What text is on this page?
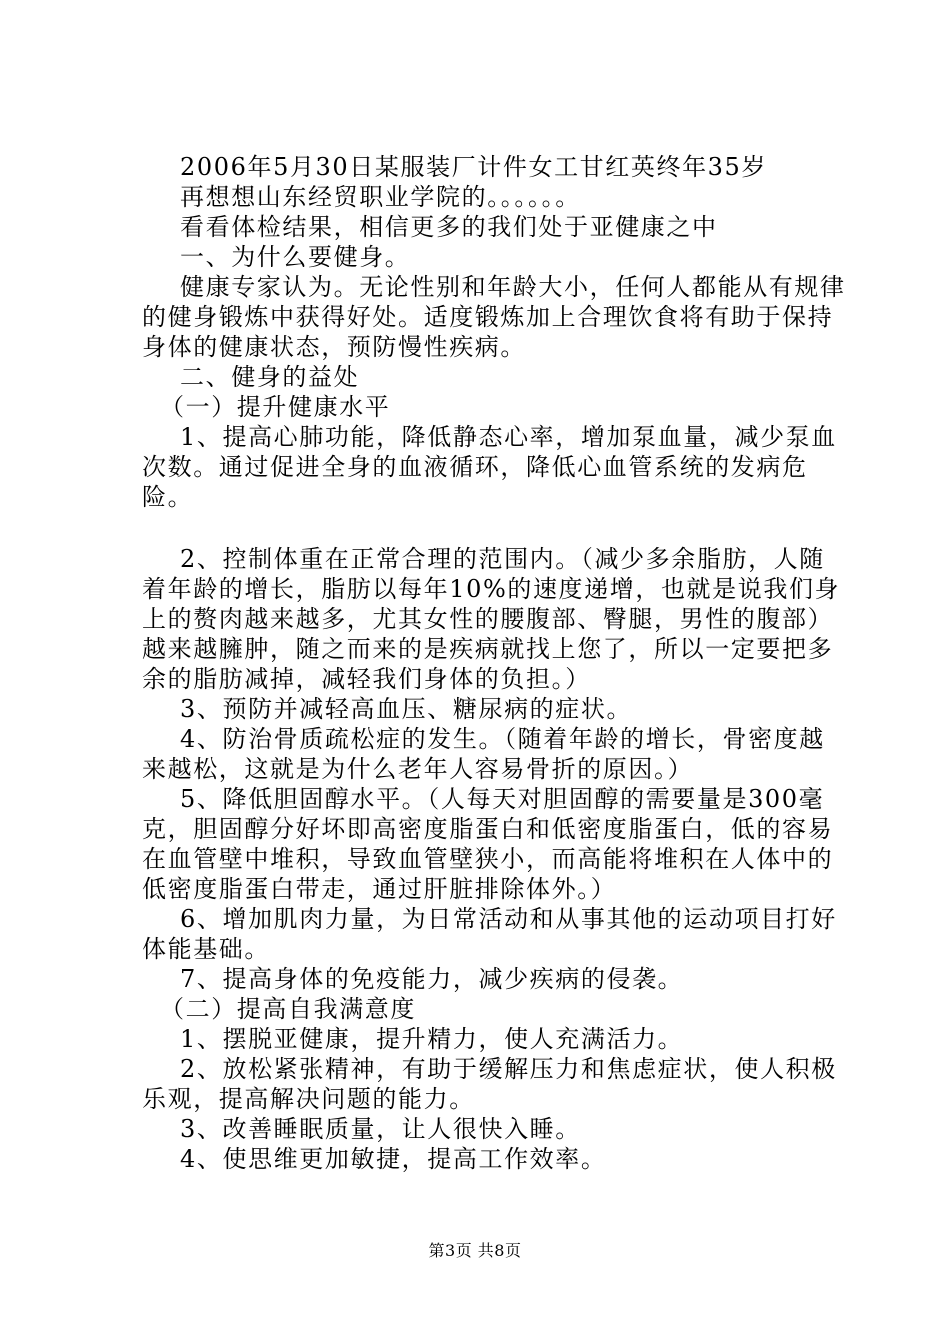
2006年5月30日某服装厂计件女工甘红英终年35岁

再想想山东经贸职业学院的。。。。。。

看看体检结果，相信更多的我们处于亚健康之中

一、为什么要健身。

健康专家认为。无论性别和年龄大小，任何人都能从有规律的健身锻炼中获得好处。适度锻炼加上合理饮食将有助于保持身体的健康状态，预防慢性疾病。

二、健身的益处

（一）提升健康水平

1、提高心肺功能，降低静态心率，增加泵血量，减少泵血次数。通过促进全身的血液循环，降低心血管系统的发病危险。

2、控制体重在正常合理的范围内。（减少多余脂肪，人随着年龄的增长，脂肪以每年10%的速度递增，也就是说我们身上的赘肉越来越多，尤其女性的腰腹部、臀腿，男性的腹部）越来越臃肿，随之而来的是疾病就找上您了，所以一定要把多余的脂肪减掉，减轻我们身体的负担。）

3、预防并减轻高血压、糖尿病的症状。

4、防治骨质疏松症的发生。（随着年龄的增长，骨密度越来越松，这就是为什么老年人容易骨折的原因。）

5、降低胆固醇水平。（人每天对胆固醇的需要量是300毫克，胆固醇分好坏即高密度脂蛋白和低密度脂蛋白，低的容易在血管壁中堆积，导致血管壁狭小，而高能将堆积在人体中的低密度脂蛋白带走，通过肝脏排除体外。）

6、增加肌肉力量，为日常活动和从事其他的运动项目打好体能基础。

7、提高身体的免疫能力，减少疾病的侵袭。

（二）提高自我满意度

1、摆脱亚健康，提升精力，使人充满活力。

2、放松紧张精神，有助于缓解压力和焦虑症状，使人积极乐观，提高解决问题的能力。

3、改善睡眠质量，让人很快入睡。

4、使思维更加敏捷，提高工作效率。

第3页 共8页
